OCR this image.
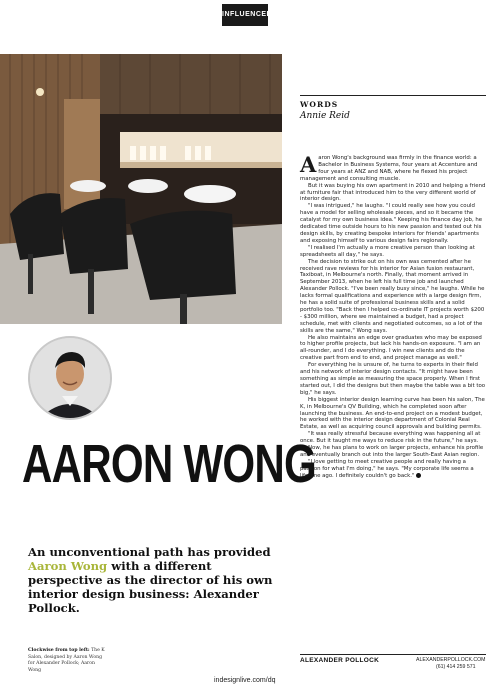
INFLUENCERS
AARON WONG
An unconventional path has provided Aaron Wong with a different perspective as the director of his own interior design business: Alexander Pollock.
Clockwise from top left: The K Salon, designed by Aaron Wong for Alexander Pollock; Aaron Wong
indesignlive.com/dq
WORDS
Annie Reid

Aaron Wong's background was firmly in the finance world: a Bachelor in Business Systems, four years at Accenture and four years at ANZ and NAB, where he flexed his project management and consulting muscle.

But it was buying his own apartment in 2010 and helping a friend at furniture fair that introduced him to the very different world of interior design.

"I was intrigued," he laughs. "I could really see how you could have a model for selling wholesale pieces, and so it became the catalyst for my own business idea." Keeping his finance day job, he dedicated time outside hours to his new passion and tested out his design skills, by creating bespoke interiors for friends' apartments and exposing himself to various design fairs regionally.

"I realised I'm actually a more creative person than looking at spreadsheets all day," he says.

The decision to strike out on his own was cemented after he received rave reviews for his interior for Asian fusion restaurant, Taxiboat, in Melbourne's north. Finally, that moment arrived in September 2013, when he left his full time job and launched Alexander Pollock. "I've been really busy since," he laughs. While he lacks formal qualifications and experience with a large design firm, he has a solid suite of professional business skills and a solid portfolio too. "Back then I helped co-ordinate IT projects worth $200 - $300 million, where we maintained a budget, had a project schedule, met with clients and negotiated outcomes, so a lot of the skills are the same," Wong says.

He also maintains an edge over graduates who may be exposed to higher profile projects, but lack his hands-on exposure. "I am an all-rounder, and I do everything. I win new clients and do the creative part from end to end, and project manage as well."

For everything he is unsure of, he turns to experts in their field and his network of interior design contacts. "It might have been something as simple as measuring the space properly. When I first started out, I did the designs but then maybe the table was a bit too big," he says.

His biggest interior design learning curve has been his salon, The K, in Melbourne's QV Building, which he completed soon after launching the business. An end-to-end project on a modest budget, he worked with the interior design department of Colonial Real Estate, as well as acquiring council approvals and building permits.

"It was really stressful because everything was happening all at once. But it taught me ways to reduce risk in the future," he says.

Now, he has plans to work on larger projects, enhance his profile and eventually branch out into the larger South-East Asian region.

"I love getting to meet creative people and really having a passion for what I'm doing," he says. "My corporate life seems a lifetime ago. I definitely couldn't go back."

ALEXANDER POLLOCK	ALEXANDERPOLLOCK.COM
(61) 414 259 571
